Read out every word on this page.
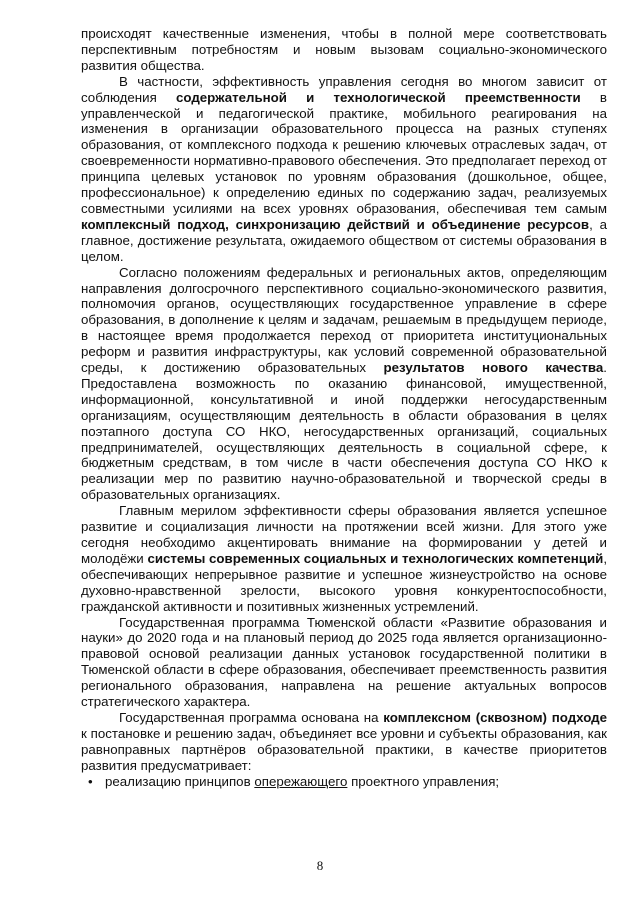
происходят качественные изменения, чтобы в полной мере соответствовать перспективным потребностям и новым вызовам социально-экономического развития общества.

В частности, эффективность управления сегодня во многом зависит от соблюдения содержательной и технологической преемственности в управленческой и педагогической практике, мобильного реагирования на изменения в организации образовательного процесса на разных ступенях образования, от комплексного подхода к решению ключевых отраслевых задач, от своевременности нормативно-правового обеспечения. Это предполагает переход от принципа целевых установок по уровням образования (дошкольное, общее, профессиональное) к определению единых по содержанию задач, реализуемых совместными усилиями на всех уровнях образования, обеспечивая тем самым комплексный подход, синхронизацию действий и объединение ресурсов, а главное, достижение результата, ожидаемого обществом от системы образования в целом.

Согласно положениям федеральных и региональных актов, определяющим направления долгосрочного перспективного социально-экономического развития, полномочия органов, осуществляющих государственное управление в сфере образования, в дополнение к целям и задачам, решаемым в предыдущем периоде, в настоящее время продолжается переход от приоритета институциональных реформ и развития инфраструктуры, как условий современной образовательной среды, к достижению образовательных результатов нового качества. Предоставлена возможность по оказанию финансовой, имущественной, информационной, консультативной и иной поддержки негосударственным организациям, осуществляющим деятельность в области образования в целях поэтапного доступа СО НКО, негосударственных организаций, социальных предпринимателей, осуществляющих деятельность в социальной сфере, к бюджетным средствам, в том числе в части обеспечения доступа СО НКО к реализации мер по развитию научно-образовательной и творческой среды в образовательных организациях.

Главным мерилом эффективности сферы образования является успешное развитие и социализация личности на протяжении всей жизни. Для этого уже сегодня необходимо акцентировать внимание на формировании у детей и молодёжи системы современных социальных и технологических компетенций, обеспечивающих непрерывное развитие и успешное жизнеустройство на основе духовно-нравственной зрелости, высокого уровня конкурентоспособности, гражданской активности и позитивных жизненных устремлений.

Государственная программа Тюменской области «Развитие образования и науки» до 2020 года и на плановый период до 2025 года является организационно-правовой основой реализации данных установок государственной политики в Тюменской области в сфере образования, обеспечивает преемственность развития регионального образования, направлена на решение актуальных вопросов стратегического характера.

Государственная программа основана на комплексном (сквозном) подходе к постановке и решению задач, объединяет все уровни и субъекты образования, как равноправных партнёров образовательной практики, в качестве приоритетов развития предусматривает:

• реализацию принципов опережающего проектного управления;
8
